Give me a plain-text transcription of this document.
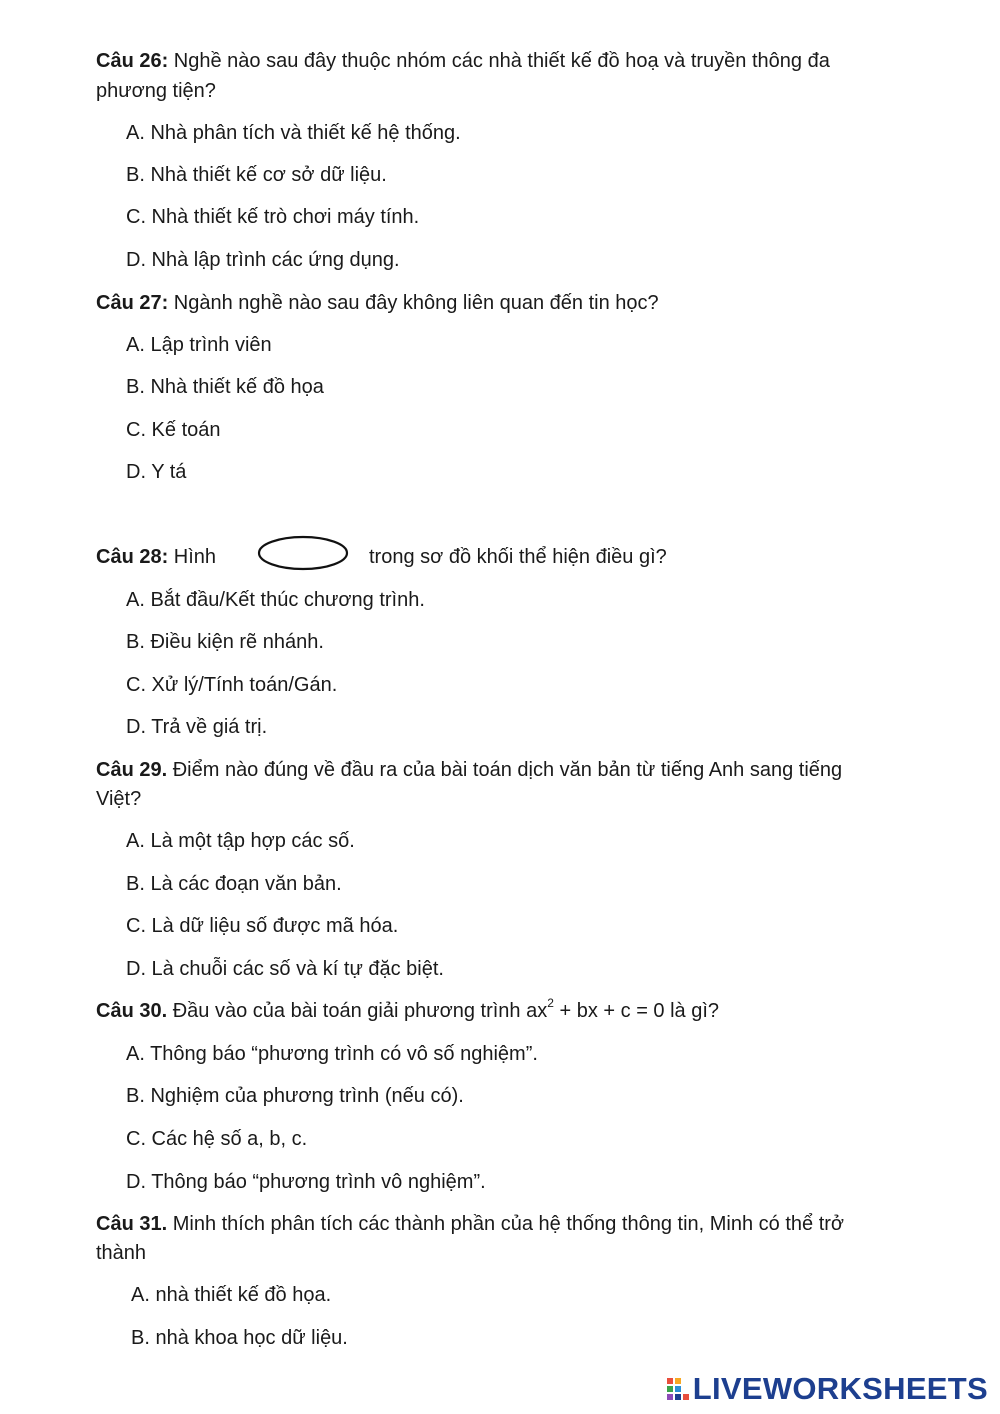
Câu 26: Nghề nào sau đây thuộc nhóm các nhà thiết kế đồ hoạ và truyền thông đa
phương tiện?
A. Nhà phân tích và thiết kế hệ thống.
B. Nhà thiết kế cơ sở dữ liệu.
C. Nhà thiết kế trò chơi máy tính.
D. Nhà lập trình các ứng dụng.
Câu 27: Ngành nghề nào sau đây không liên quan đến tin học?
A. Lập trình viên
B. Nhà thiết kế đồ họa
C. Kế toán
D. Y tá
Câu 28: Hình	trong sơ đồ khối thể hiện điều gì?
A. Bắt đầu/Kết thúc chương trình.
B. Điều kiện rẽ nhánh.
C. Xử lý/Tính toán/Gán.
D. Trả về giá trị.
Câu 29. Điểm nào đúng về đầu ra của bài toán dịch văn bản từ tiếng Anh sang tiếng
Việt?
A. Là một tập hợp các số.
B. Là các đoạn văn bản.
C. Là dữ liệu số được mã hóa.
D. Là chuỗi các số và kí tự đặc biệt.
Câu 30. Đầu vào của bài toán giải phương trình $ax^2$ + bx + c = 0 là gì?
A. Thông báo “phương trình có vô số nghiệm”.
B. Nghiệm của phương trình (nếu có).
C. Các hệ số a, b, c.
D. Thông báo “phương trình vô nghiệm”.
Câu 31. Minh thích phân tích các thành phần của hệ thống thông tin, Minh có thể trở
thành
A. nhà thiết kế đồ họa.
B. nhà khoa học dữ liệu.
LIVEWORKSHEETS
